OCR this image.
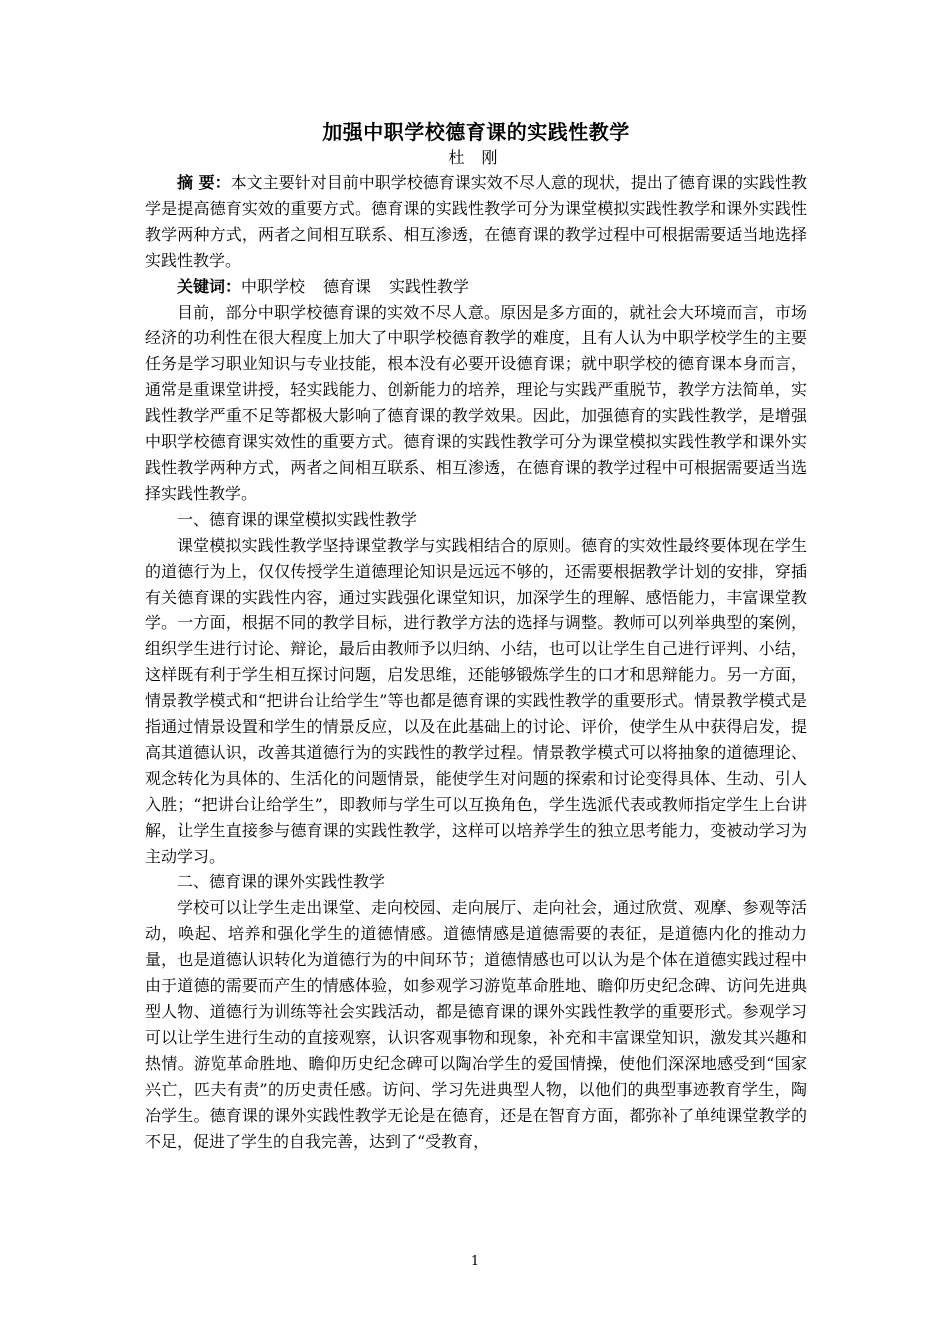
加强中职学校德育课的实践性教学
杜 刚

摘 要：本文主要针对目前中职学校德育课实效不尽人意的现状，提出了德育课的实践性教学是提高德育实效的重要方式。德育课的实践性教学可分为课堂模拟实践性教学和课外实践性教学两种方式，两者之间相互联系、相互渗透，在德育课的教学过程中可根据需要适当地选择实践性教学。

关键词：中职学校 德育课 实践性教学

目前，部分中职学校德育课的实效不尽人意。原因是多方面的，就社会大环境而言，市场经济的功利性在很大程度上加大了中职学校德育教学的难度，且有人认为中职学校学生的主要任务是学习职业知识与专业技能，根本没有必要开设德育课；就中职学校的德育课本身而言，通常是重课堂讲授，轻实践能力、创新能力的培养，理论与实践严重脱节，教学方法简单，实践性教学严重不足等都极大影响了德育课的教学效果。因此，加强德育的实践性教学，是增强中职学校德育课实效性的重要方式。德育课的实践性教学可分为课堂模拟实践性教学和课外实践性教学两种方式，两者之间相互联系、相互渗透，在德育课的教学过程中可根据需要适当选择实践性教学。

一、德育课的课堂模拟实践性教学

课堂模拟实践性教学坚持课堂教学与实践相结合的原则。德育的实效性最终要体现在学生的道德行为上，仅仅传授学生道德理论知识是远远不够的，还需要根据教学计划的安排，穿插有关德育课的实践性内容，通过实践强化课堂知识，加深学生的理解、感悟能力，丰富课堂教学。一方面，根据不同的教学目标，进行教学方法的选择与调整。教师可以列举典型的案例，组织学生进行讨论、辩论，最后由教师予以归纳、小结，也可以让学生自己进行评判、小结，这样既有利于学生相互探讨问题，启发思维，还能够锻炼学生的口才和思辩能力。另一方面，情景教学模式和“把讲台让给学生”等也都是德育课的实践性教学的重要形式。情景教学模式是指通过情景设置和学生的情景反应，以及在此基础上的讨论、评价，使学生从中获得启发，提高其道德认识，改善其道德行为的实践性的教学过程。情景教学模式可以将抽象的道德理论、观念转化为具体的、生活化的问题情景，能使学生对问题的探索和讨论变得具体、生动、引人入胜；“把讲台让给学生”，即教师与学生可以互换角色，学生选派代表或教师指定学生上台讲解，让学生直接参与德育课的实践性教学，这样可以培养学生的独立思考能力，变被动学习为主动学习。

二、德育课的课外实践性教学

学校可以让学生走出课堂、走向校园、走向展厅、走向社会，通过欣赏、观摩、参观等活动，唤起、培养和强化学生的道德情感。道德情感是道德需要的表征，是道德内化的推动力量，也是道德认识转化为道德行为的中间环节；道德情感也可以认为是个体在道德实践过程中由于道德的需要而产生的情感体验，如参观学习游览革命胜地、瞻仰历史纪念碑、访问先进典型人物、道德行为训练等社会实践活动，都是德育课的课外实践性教学的重要形式。参观学习可以让学生进行生动的直接观察，认识客观事物和现象，补充和丰富课堂知识，激发其兴趣和热情。游览革命胜地、瞻仰历史纪念碑可以陶冶学生的爱国情操，使他们深深地感受到“国家兴亡，匹夫有责”的历史责任感。访问、学习先进典型人物，以他们的典型事迹教育学生，陶冶学生。德育课的课外实践性教学无论是在德育，还是在智育方面，都弥补了单纯课堂教学的不足，促进了学生的自我完善，达到了“受教育，

1
